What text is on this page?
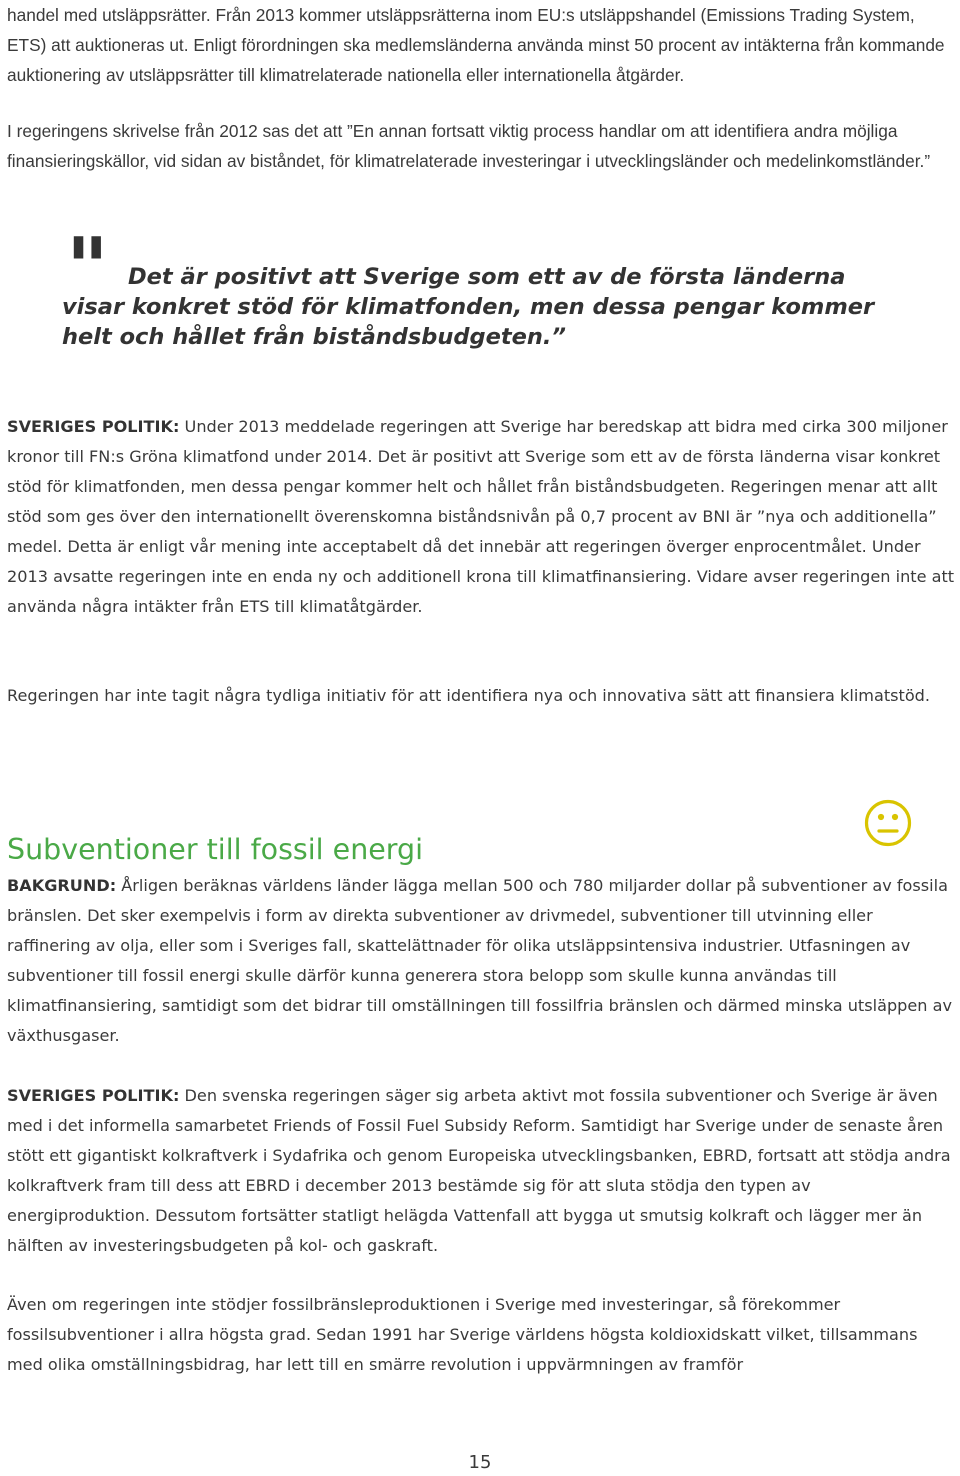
handel med utsläppsrätter. Från 2013 kommer utsläppsrätterna inom EU:s utsläppshandel (Emissions Trading System, ETS) att auktioneras ut. Enligt förordningen ska medlemsländerna använda minst 50 procent av intäkterna från kommande auktionering av utsläppsrätter till klimatrelaterade nationella eller internationella åtgärder.

I regeringens skrivelse från 2012 sas det att ”En annan fortsatt viktig process handlar om att identifiera andra möjliga finansieringskällor, vid sidan av biståndet, för klimatrelaterade investeringar i utvecklingsländer och medelinkomstländer.”

" Det är positivt att Sverige som ett av de första länderna visar konkret stöd för klimatfonden, men dessa pengar kommer helt och hållet från biståndsbudgeten.”

SVERIGES POLITIK: Under 2013 meddelade regeringen att Sverige har beredskap att bidra med cirka 300 miljoner kronor till FN:s Gröna klimatfond under 2014. Det är positivt att Sverige som ett av de första länderna visar konkret stöd för klimatfonden, men dessa pengar kommer helt och hållet från biståndsbudgeten. Regeringen menar att allt stöd som ges över den internationellt överenskomna biståndsnivån på 0,7 procent av BNI är ”nya och additionella” medel. Detta är enligt vår mening inte acceptabelt då det innebär att regeringen överger enprocentmålet. Under 2013 avsatte regeringen inte en enda ny och additionell krona till klimatfinansiering. Vidare avser regeringen inte att använda några intäkter från ETS till klimatåtgärder.

Regeringen har inte tagit några tydliga initiativ för att identifiera nya och innovativa sätt att finansiera klimatstöd.

Subventioner till fossil energi

BAKGRUND: Årligen beräknas världens länder lägga mellan 500 och 780 miljarder dollar på subventioner av fossila bränslen. Det sker exempelvis i form av direkta subventioner av drivmedel, subventioner till utvinning eller raffinering av olja, eller som i Sveriges fall, skattelättnader för olika utsläppsintensiva industrier. Utfasningen av subventioner till fossil energi skulle därför kunna generera stora belopp som skulle kunna användas till klimatfinansiering, samtidigt som det bidrar till omställningen till fossilfria bränslen och därmed minska utsläppen av växthusgaser.

SVERIGES POLITIK: Den svenska regeringen säger sig arbeta aktivt mot fossila subventioner och Sverige är även med i det informella samarbetet Friends of Fossil Fuel Subsidy Reform. Samtidigt har Sverige under de senaste åren stött ett gigantiskt kolkraftverk i Sydafrika och genom Europeiska utvecklingsbanken, EBRD, fortsatt att stödja andra kolkraftverk fram till dess att EBRD i december 2013 bestämde sig för att sluta stödja den typen av energiproduktion. Dessutom fortsätter statligt helägda Vattenfall att bygga ut smutsig kolkraft och lägger mer än hälften av investeringsbudgeten på kol- och gaskraft.

Även om regeringen inte stödjer fossilbränsleproduktionen i Sverige med investeringar, så förekommer fossilsubventioner i allra högsta grad. Sedan 1991 har Sverige världens högsta koldioxidskatt vilket, tillsammans med olika omställningsbidrag, har lett till en smärre revolution i uppvärmningen av framför

15
